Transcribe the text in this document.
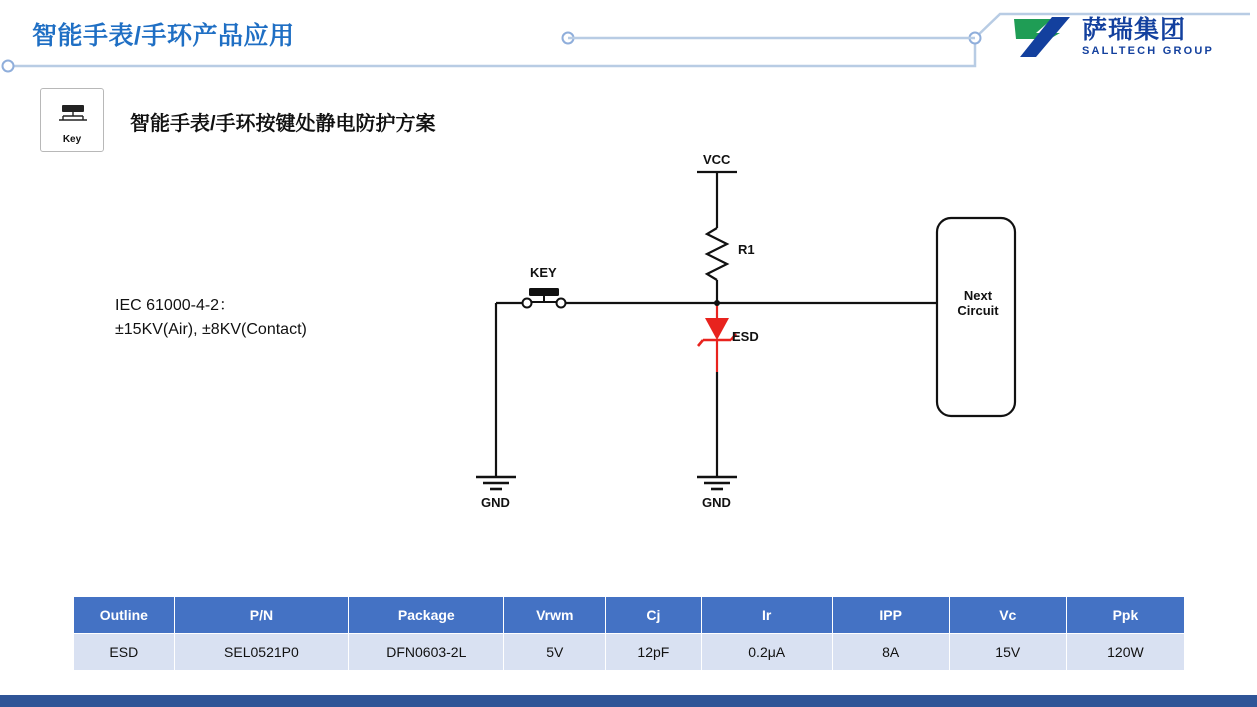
智能手表/手环产品应用	萨瑞集团
SALLTECH GROUP
Key
智能手表/手环按键处静电防护方案
IEC 61000-4-2：
±15KV(Air), ±8KV(Contact)
VCC
R1
KEY
ESD
GND	GND
Next
Circuit
Outline	P/N	Package	Vrwm	Cj	Ir	IPP	Vc	Ppk
ESD	SEL0521P0	DFN0603-2L	5V	12pF	0.2μA	8A	15V	120W
